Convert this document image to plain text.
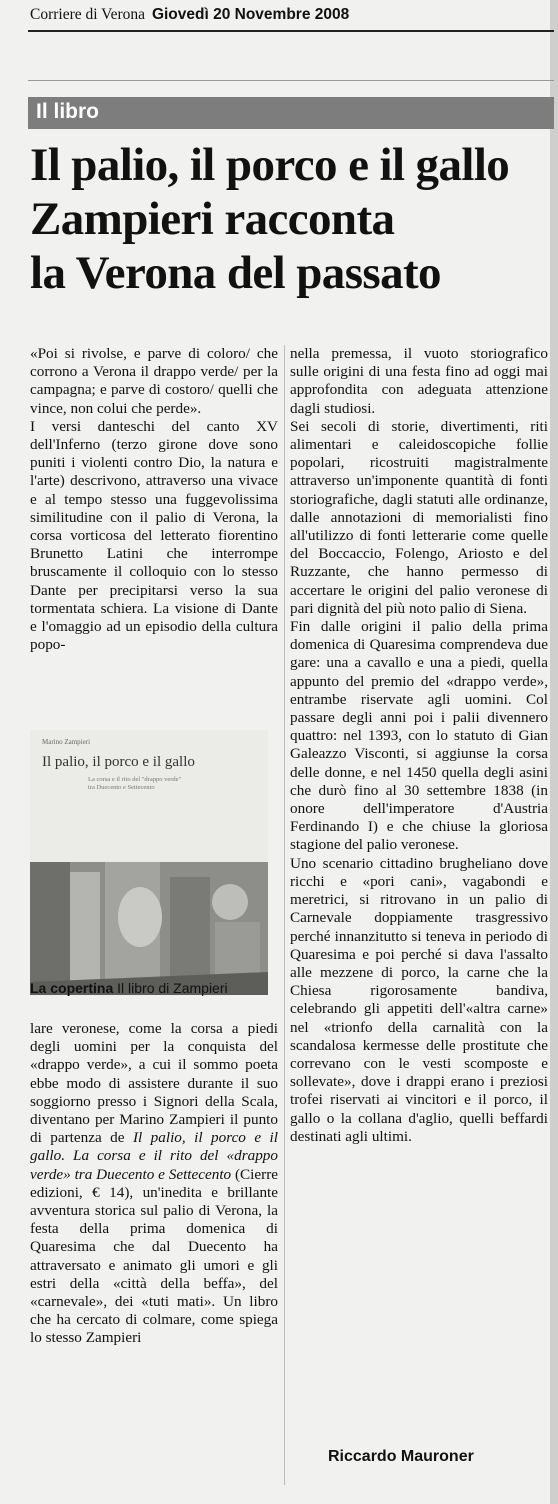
Corriere di Verona Giovedì 20 Novembre 2008
Il libro
Il palio, il porco e il gallo
Zampieri racconta
la Verona del passato

«Poi si rivolse, e parve di coloro/ che corrono a Verona il drappo verde/ per la campagna; e parve di costoro/ quelli che vince, non colui che perde».

I versi danteschi del canto XV dell'Inferno (terzo girone dove sono puniti i violenti contro Dio, la natura e l'arte) descrivono, attraverso una vivace e al tempo stesso una fuggevolissima similitudine con il palio di Verona, la corsa vorticosa del letterato fiorentino Brunetto Latini che interrompe bruscamente il colloquio con lo stesso Dante per precipitarsi verso la sua tormentata schiera. La visione di Dante e l'omaggio ad un episodio della cultura popo-

Marino Zampieri
Il palio, il porco e il gallo
La corsa e il rito del "drappo verde"
tra Duecento e Settecento
La copertina Il libro di Zampieri

lare veronese, come la corsa a piedi degli uomini per la conquista del «drappo verde», a cui il sommo poeta ebbe modo di assistere durante il suo soggiorno presso i Signori della Scala, diventano per Marino Zampieri il punto di partenza de Il palio, il porco e il gallo. La corsa e il rito del «drappo verde» tra Duecento e Settecento (Cierre edizioni, € 14), un'inedita e brillante avventura storica sul palio di Verona, la festa della prima domenica di Quaresima che dal Duecento ha attraversato e animato gli umori e gli estri della «città della beffa», del «carnevale», dei «tuti mati». Un libro che ha cercato di colmare, come spiega lo stesso Zampieri

nella premessa, il vuoto storiografico sulle origini di una festa fino ad oggi mai approfondita con adeguata attenzione dagli studiosi.

Sei secoli di storie, divertimenti, riti alimentari e caleidoscopiche follie popolari, ricostruiti magistralmente attraverso un'imponente quantità di fonti storiografiche, dagli statuti alle ordinanze, dalle annotazioni di memorialisti fino all'utilizzo di fonti letterarie come quelle del Boccaccio, Folengo, Ariosto e del Ruzzante, che hanno permesso di accertare le origini del palio veronese di pari dignità del più noto palio di Siena.

Fin dalle origini il palio della prima domenica di Quaresima comprendeva due gare: una a cavallo e una a piedi, quella appunto del premio del «drappo verde», entrambe riservate agli uomini. Col passare degli anni poi i palii divennero quattro: nel 1393, con lo statuto di Gian Galeazzo Visconti, si aggiunse la corsa delle donne, e nel 1450 quella degli asini che durò fino al 30 settembre 1838 (in onore dell'imperatore d'Austria Ferdinando I) e che chiuse la gloriosa stagione del palio veronese.

Uno scenario cittadino brugheliano dove ricchi e «pori cani», vagabondi e meretrici, si ritrovano in un palio di Carnevale doppiamente trasgressivo perché innanzitutto si teneva in periodo di Quaresima e poi perché si dava l'assalto alle mezzene di porco, la carne che la Chiesa rigorosamente bandiva, celebrando gli appetiti dell'«altra carne» nel «trionfo della carnalità con la scandalosa kermesse delle prostitute che correvano con le vesti scomposte e sollevate», dove i drappi erano i preziosi trofei riservati ai vincitori e il porco, il gallo o la collana d'aglio, quelli beffardi destinati agli ultimi.

Riccardo Mauroner
